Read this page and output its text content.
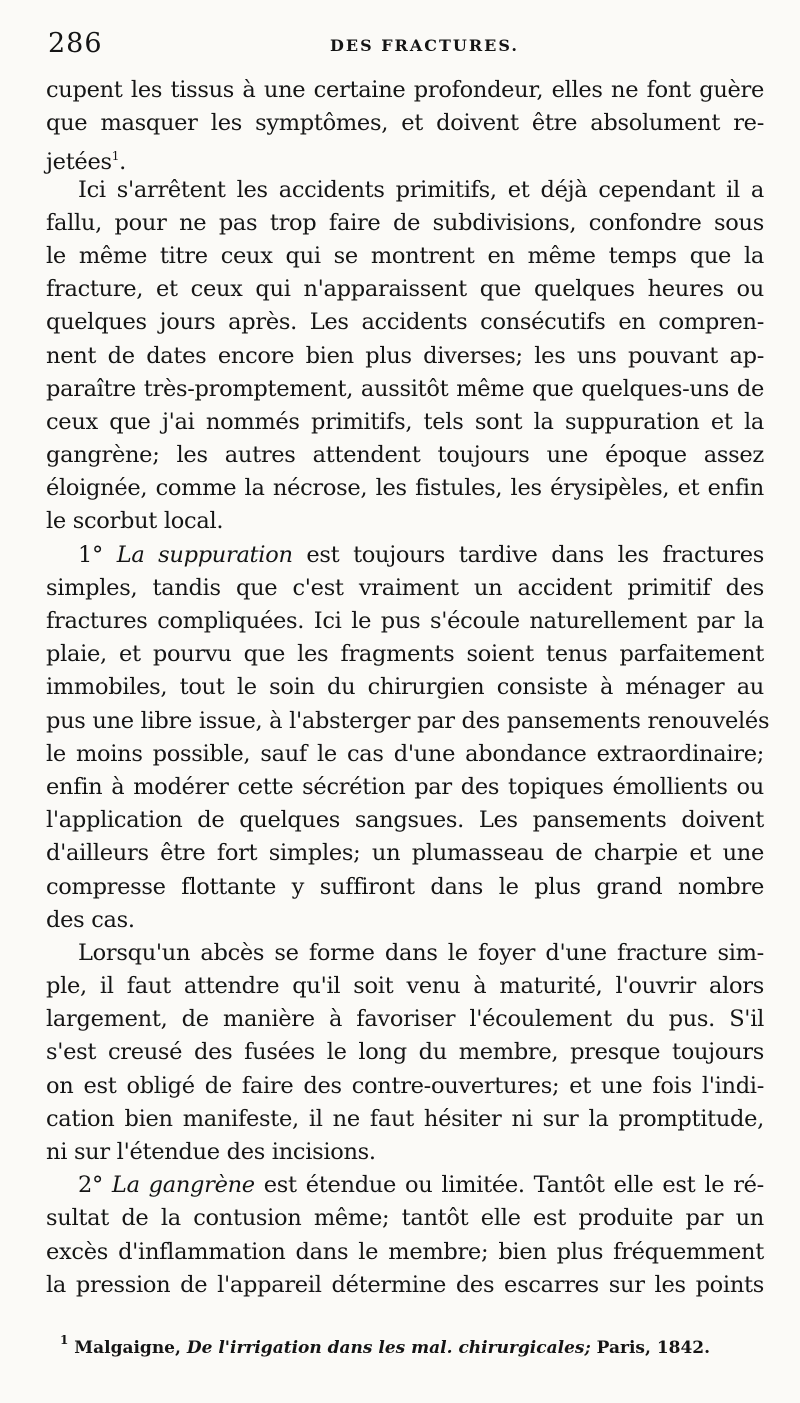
286	DES FRACTURES.
cupent les tissus à une certaine profondeur, elles ne font guère
que masquer les symptômes, et doivent être absolument re-
jetées$^1$.
Ici s'arrêtent les accidents primitifs, et déjà cependant il a
fallu, pour ne pas trop faire de subdivisions, confondre sous
le même titre ceux qui se montrent en même temps que la
fracture, et ceux qui n'apparaissent que quelques heures ou
quelques jours après. Les accidents consécutifs en compren-
nent de dates encore bien plus diverses; les uns pouvant ap-
paraître très-promptement, aussitôt même que quelques-uns de
ceux que j'ai nommés primitifs, tels sont la suppuration et la
gangrène; les autres attendent toujours une époque assez
éloignée, comme la nécrose, les fistules, les érysipèles, et enfin
le scorbut local.
1° La suppuration est toujours tardive dans les fractures
simples, tandis que c'est vraiment un accident primitif des
fractures compliquées. Ici le pus s'écoule naturellement par la
plaie, et pourvu que les fragments soient tenus parfaitement
immobiles, tout le soin du chirurgien consiste à ménager au
pus une libre issue, à l'absterger par des pansements renouvelés
le moins possible, sauf le cas d'une abondance extraordinaire;
enfin à modérer cette sécrétion par des topiques émollients ou
l'application de quelques sangsues. Les pansements doivent
d'ailleurs être fort simples; un plumasseau de charpie et une
compresse flottante y suffiront dans le plus grand nombre
des cas.
Lorsqu'un abcès se forme dans le foyer d'une fracture sim-
ple, il faut attendre qu'il soit venu à maturité, l'ouvrir alors
largement, de manière à favoriser l'écoulement du pus. S'il
s'est creusé des fusées le long du membre, presque toujours
on est obligé de faire des contre-ouvertures; et une fois l'indi-
cation bien manifeste, il ne faut hésiter ni sur la promptitude,
ni sur l'étendue des incisions.
2° La gangrène est étendue ou limitée. Tantôt elle est le ré-
sultat de la contusion même; tantôt elle est produite par un
excès d'inflammation dans le membre; bien plus fréquemment
la pression de l'appareil détermine des escarres sur les points
$^1$ Malgaigne, De l'irrigation dans les mal. chirurgicales; Paris, 1842.
